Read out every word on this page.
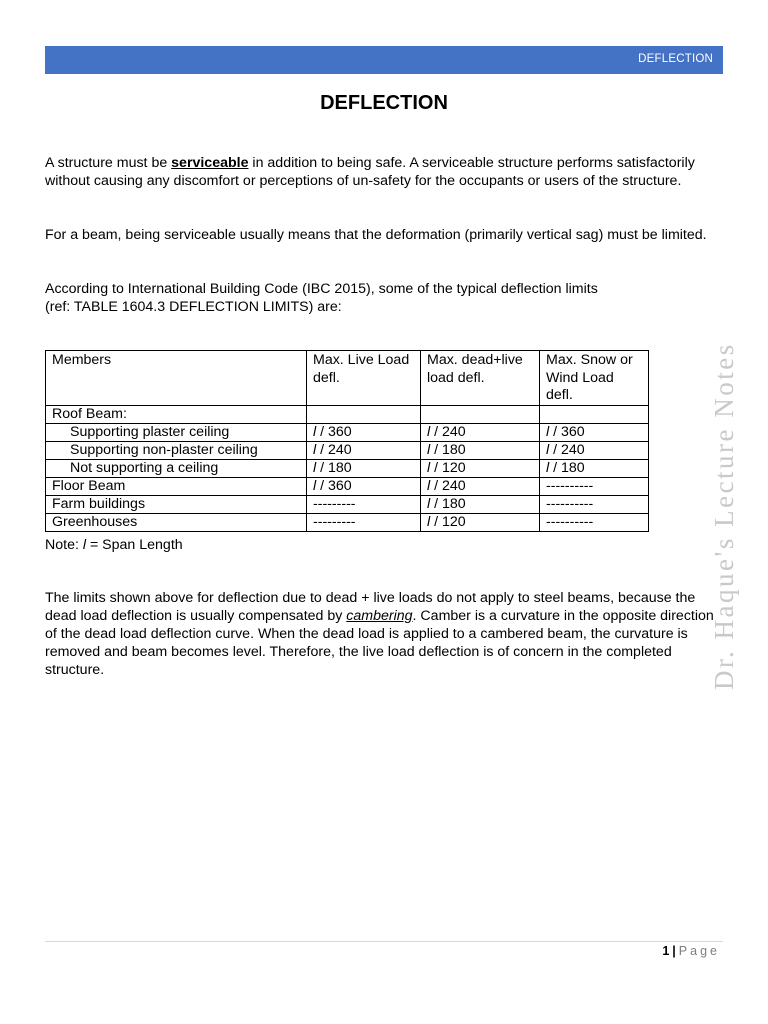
DEFLECTION
DEFLECTION
A structure must be serviceable in addition to being safe. A serviceable structure performs satisfactorily without causing any discomfort or perceptions of un-safety for the occupants or users of the structure.
For a beam, being serviceable usually means that the deformation (primarily vertical sag) must be limited.
According to International Building Code (IBC 2015), some of the typical deflection limits
(ref: TABLE 1604.3 DEFLECTION LIMITS) are:
Members	Max. Live Load defl.	Max. dead+live load defl.	Max. Snow or Wind Load defl.
Roof Beam:			
Supporting plaster ceiling	l / 360	l / 240	l / 360
Supporting non-plaster ceiling	l / 240	l / 180	l / 240
Not supporting a ceiling	l / 180	l / 120	l / 180
Floor Beam	l / 360	l / 240	----------
Farm buildings	---------	l / 180	----------
Greenhouses	---------	l / 120	----------
Note: l = Span Length
The limits shown above for deflection due to dead + live loads do not apply to steel beams, because the dead load deflection is usually compensated by cambering. Camber is a curvature in the opposite direction of the dead load deflection curve. When the dead load is applied to a cambered beam, the curvature is removed and beam becomes level. Therefore, the live load deflection is of concern in the completed structure.	Dr. Haque's Lecture Notes
1 | Page
